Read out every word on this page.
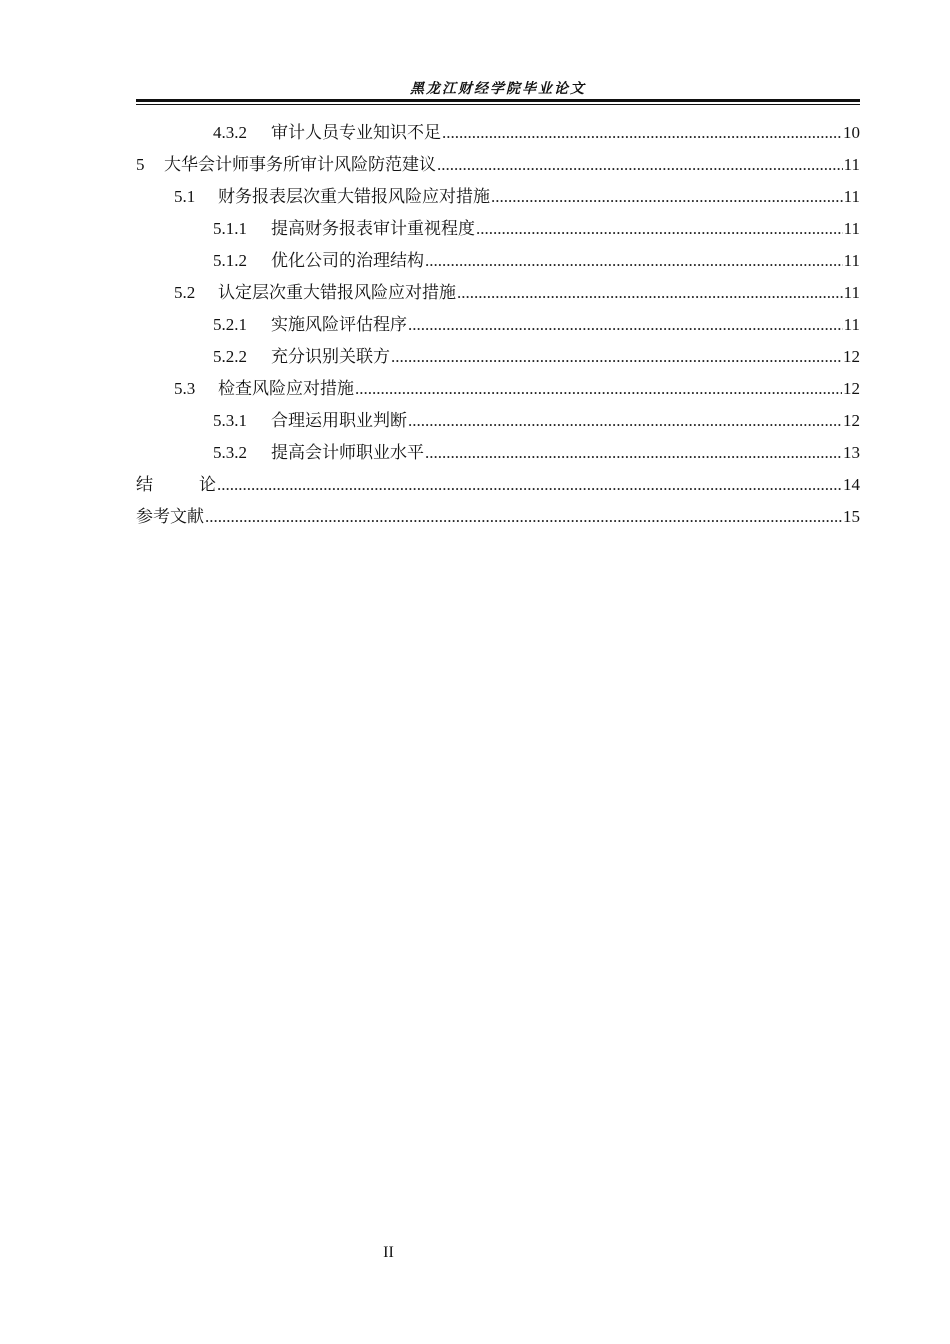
黑龙江财经学院毕业论文
4.3.2	审计人员专业知识不足 .....	10
5	大华会计师事务所审计风险防范建议 .....	11
5.1	财务报表层次重大错报风险应对措施 .....	11
5.1.1	提高财务报表审计重视程度 .....	11
5.1.2	优化公司的治理结构 .....	11
5.2	认定层次重大错报风险应对措施 .....	11
5.2.1	实施风险评估程序 .....	11
5.2.2	充分识别关联方 .....	12
5.3	检查风险应对措施 .....	12
5.3.1	合理运用职业判断 .....	12
5.3.2	提高会计师职业水平 .....	13
结 论 .....	14
参考文献 .....	15
II
